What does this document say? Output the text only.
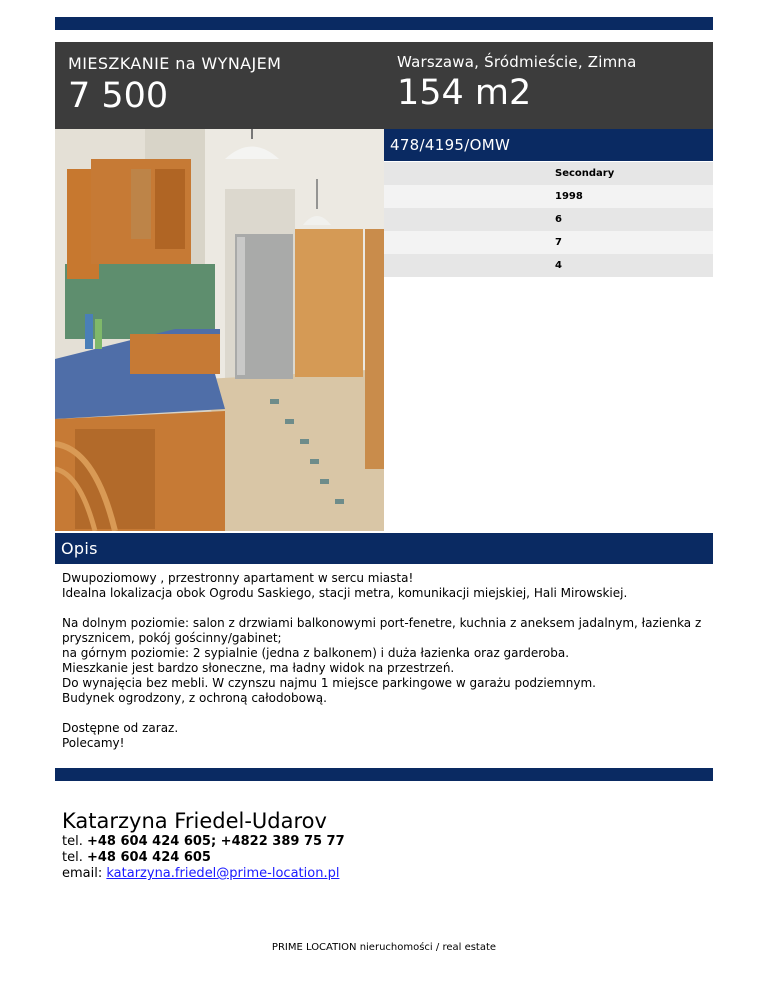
MIESZKANIE na WYNAJEM
7 500
Warszawa, Śródmieście, Zimna
154 m2
478/4195/OMW
Secondary
1998
6
7
4
Opis

Dwupoziomowy , przestronny apartament w sercu miasta!
Idealna lokalizacja obok Ogrodu Saskiego, stacji metra, komunikacji miejskiej, Hali Mirowskiej.

Na dolnym poziomie: salon z drzwiami balkonowymi port-fenetre, kuchnia z aneksem jadalnym, łazienka z prysznicem, pokój gościnny/gabinet;
na górnym poziomie: 2 sypialnie (jedna z balkonem) i duża łazienka oraz garderoba.
Mieszkanie jest bardzo słoneczne, ma ładny widok na przestrzeń.
Do wynajęcia bez mebli. W czynszu najmu 1 miejsce parkingowe w garażu podziemnym.
Budynek ogrodzony, z ochroną całodobową.

Dostępne od zaraz.
Polecamy!

Katarzyna Friedel-Udarov
tel. +48 604 424 605; +4822 389 75 77
tel. +48 604 424 605
email: katarzyna.friedel@prime-location.pl
PRIME LOCATION nieruchomości / real estate
